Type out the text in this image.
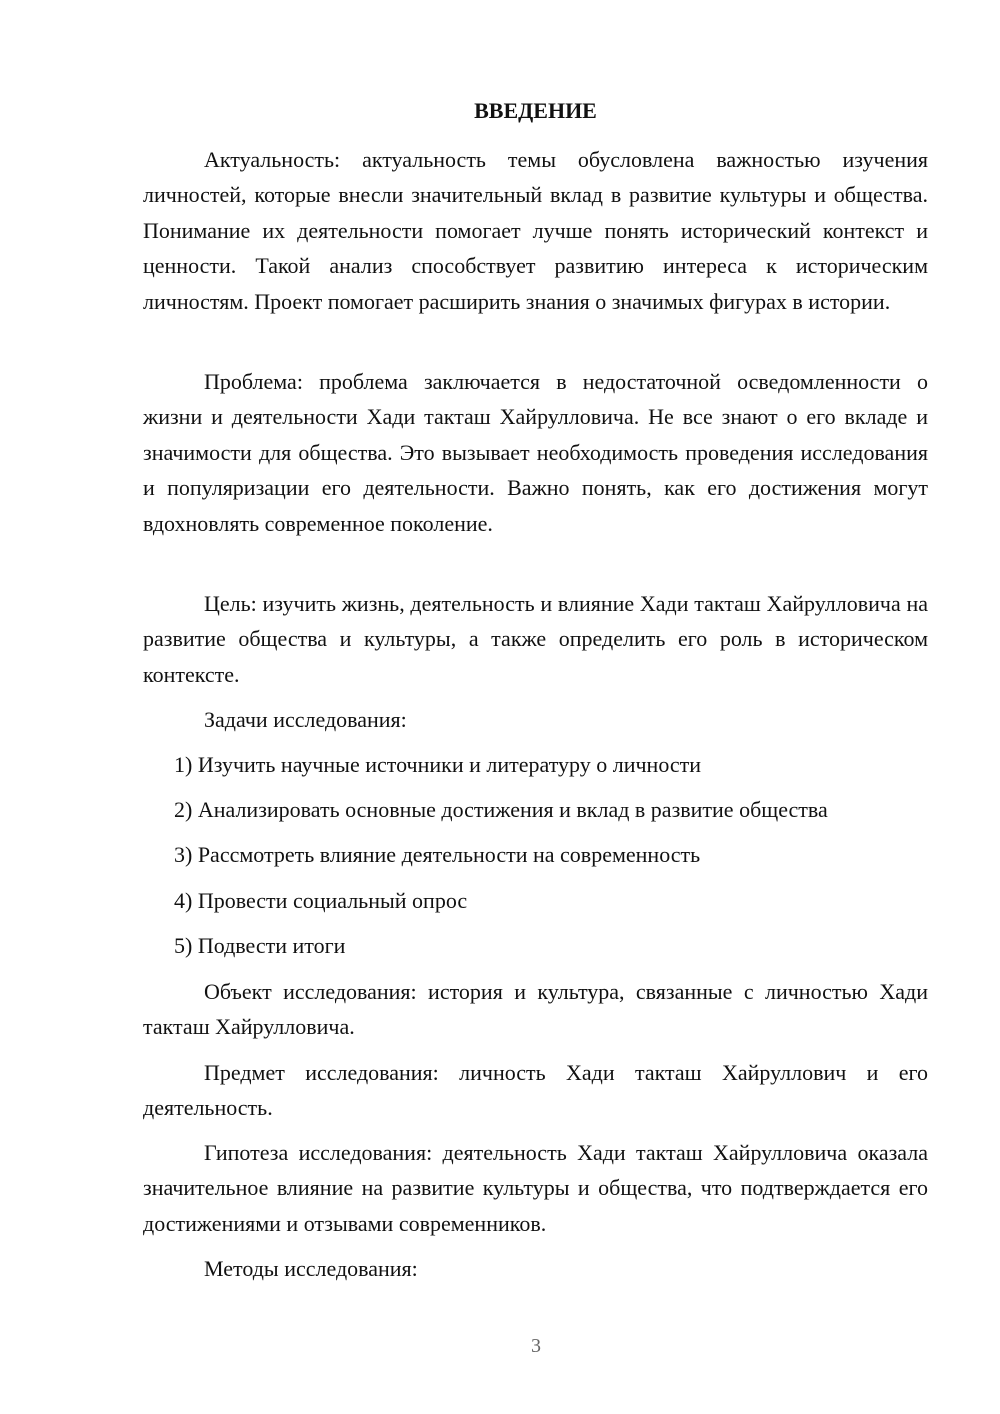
ВВЕДЕНИЕ

Актуальность: актуальность темы обусловлена важностью изучения личностей, которые внесли значительный вклад в развитие культуры и общества. Понимание их деятельности помогает лучше понять исторический контекст и ценности. Такой анализ способствует развитию интереса к историческим личностям. Проект помогает расширить знания о значимых фигурах в истории.

Проблема: проблема заключается в недостаточной осведомленности о жизни и деятельности Хади такташ Хайрулловича. Не все знают о его вкладе и значимости для общества. Это вызывает необходимость проведения исследования и популяризации его деятельности. Важно понять, как его достижения могут вдохновлять современное поколение.

Цель: изучить жизнь, деятельность и влияние Хади такташ Хайрулловича на развитие общества и культуры, а также определить его роль в историческом контексте.

Задачи исследования:

1) Изучить научные источники и литературу о личности

2) Анализировать основные достижения и вклад в развитие общества

3) Рассмотреть влияние деятельности на современность

4) Провести социальный опрос

5) Подвести итоги

Объект исследования: история и культура, связанные с личностью Хади такташ Хайрулловича.

Предмет исследования: личность Хади такташ Хайруллович и его деятельность.

Гипотеза исследования: деятельность Хади такташ Хайрулловича оказала значительное влияние на развитие культуры и общества, что подтверждается его достижениями и отзывами современников.

Методы исследования:

3
